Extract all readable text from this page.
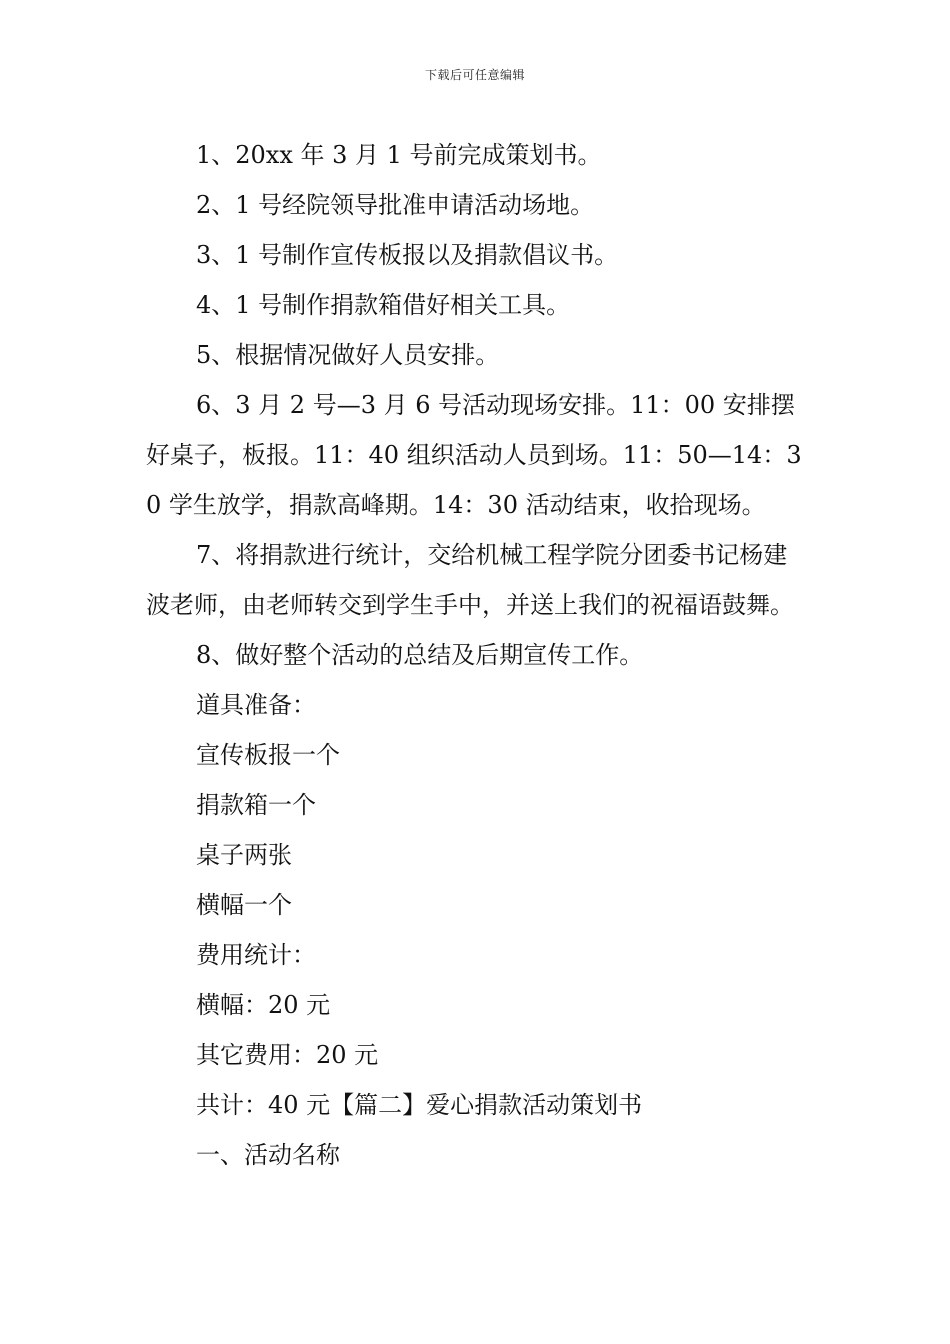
下载后可任意编辑

1、20xx 年 3 月 1 号前完成策划书。

2、1 号经院领导批准申请活动场地。

3、1 号制作宣传板报以及捐款倡议书。

4、1 号制作捐款箱借好相关工具。

5、根据情况做好人员安排。

6、3 月 2 号—3 月 6 号活动现场安排。11：00 安排摆好桌子，板报。11：40 组织活动人员到场。11：50—14：30 学生放学，捐款高峰期。14：30 活动结束，收拾现场。

7、将捐款进行统计，交给机械工程学院分团委书记杨建波老师，由老师转交到学生手中，并送上我们的祝福语鼓舞。

8、做好整个活动的总结及后期宣传工作。

道具准备：

宣传板报一个

捐款箱一个

桌子两张

横幅一个

费用统计：

横幅：20 元

其它费用：20 元

共计：40 元【篇二】爱心捐款活动策划书

一、活动名称
